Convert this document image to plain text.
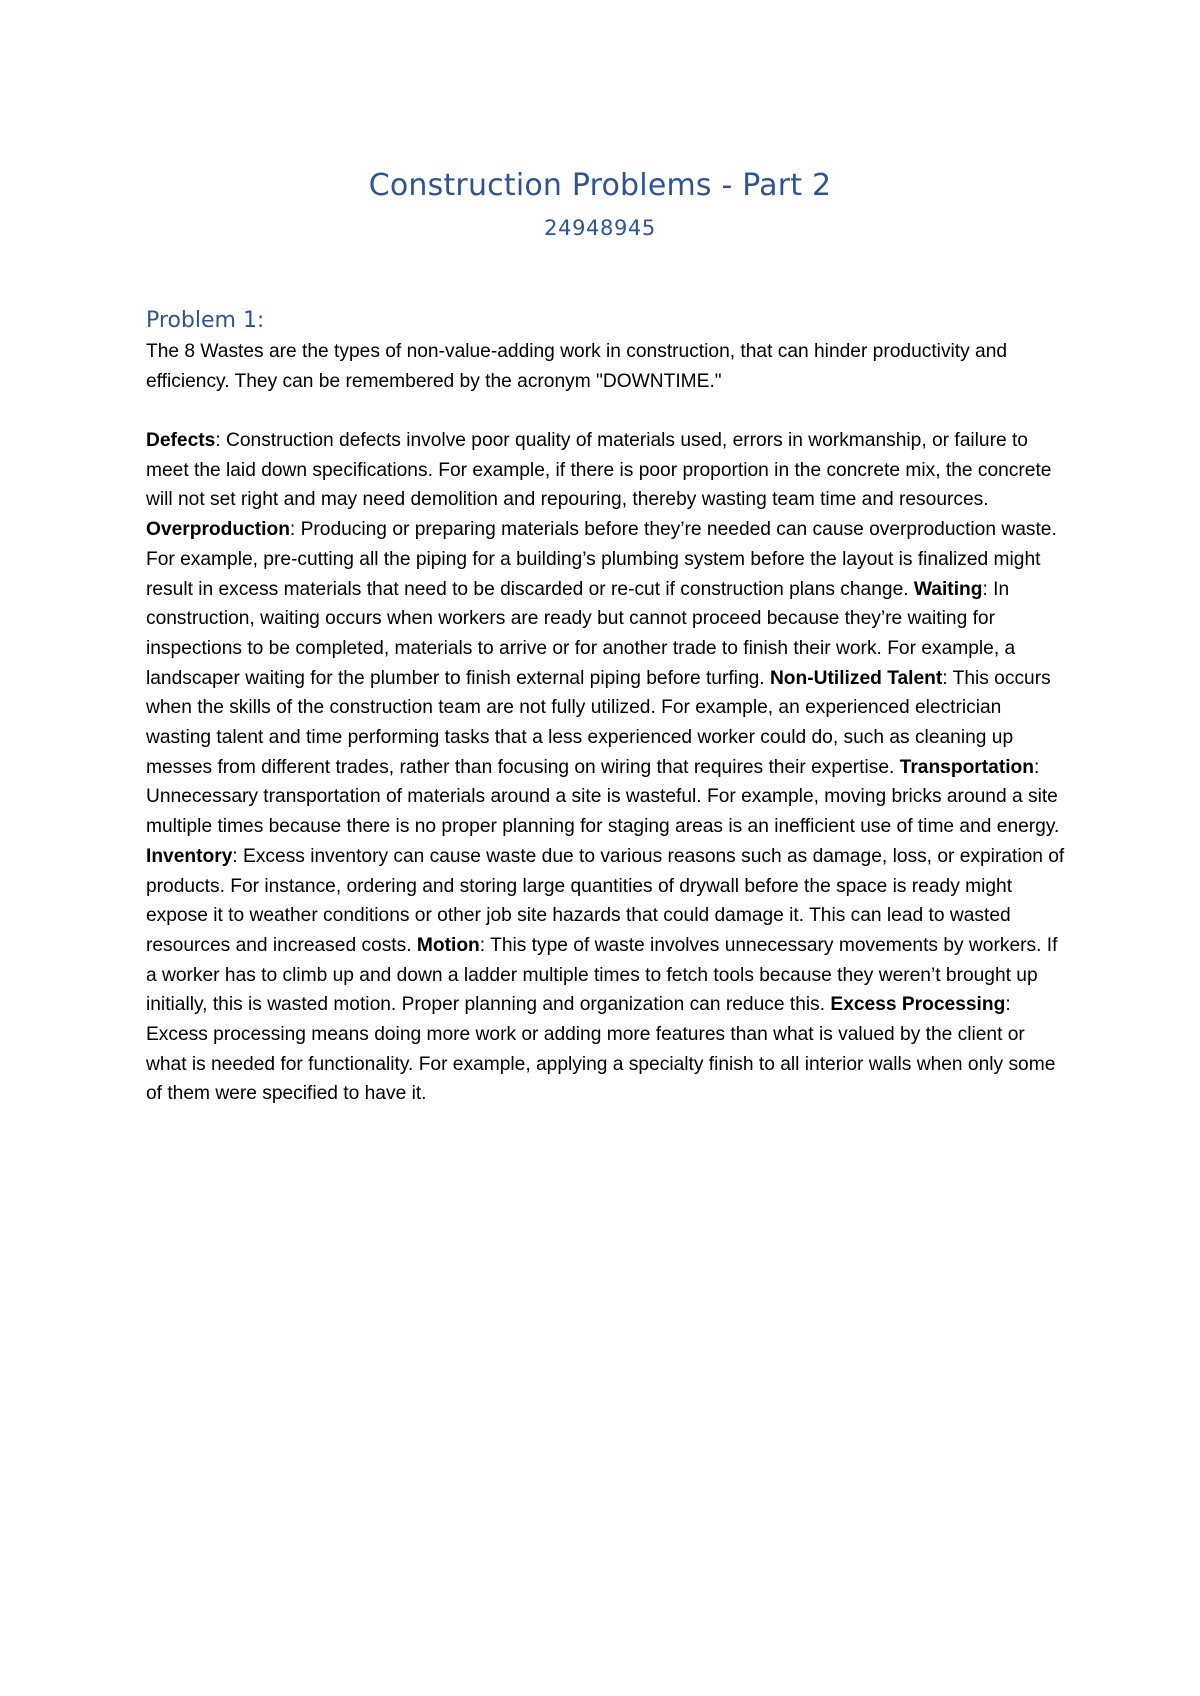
Construction Problems - Part 2
24948945
Problem 1:
The 8 Wastes are the types of non-value-adding work in construction, that can hinder productivity and efficiency. They can be remembered by the acronym "DOWNTIME."
Defects: Construction defects involve poor quality of materials used, errors in workmanship, or failure to meet the laid down specifications. For example, if there is poor proportion in the concrete mix, the concrete will not set right and may need demolition and repouring, thereby wasting team time and resources. Overproduction: Producing or preparing materials before they’re needed can cause overproduction waste. For example, pre-cutting all the piping for a building’s plumbing system before the layout is finalized might result in excess materials that need to be discarded or re-cut if construction plans change. Waiting: In construction, waiting occurs when workers are ready but cannot proceed because they’re waiting for inspections to be completed, materials to arrive or for another trade to finish their work. For example, a landscaper waiting for the plumber to finish external piping before turfing. Non-Utilized Talent: This occurs when the skills of the construction team are not fully utilized. For example, an experienced electrician wasting talent and time performing tasks that a less experienced worker could do, such as cleaning up messes from different trades, rather than focusing on wiring that requires their expertise. Transportation: Unnecessary transportation of materials around a site is wasteful. For example, moving bricks around a site multiple times because there is no proper planning for staging areas is an inefficient use of time and energy. Inventory: Excess inventory can cause waste due to various reasons such as damage, loss, or expiration of products. For instance, ordering and storing large quantities of drywall before the space is ready might expose it to weather conditions or other job site hazards that could damage it. This can lead to wasted resources and increased costs. Motion: This type of waste involves unnecessary movements by workers. If a worker has to climb up and down a ladder multiple times to fetch tools because they weren’t brought up initially, this is wasted motion. Proper planning and organization can reduce this. Excess Processing: Excess processing means doing more work or adding more features than what is valued by the client or what is needed for functionality. For example, applying a specialty finish to all interior walls when only some of them were specified to have it.
